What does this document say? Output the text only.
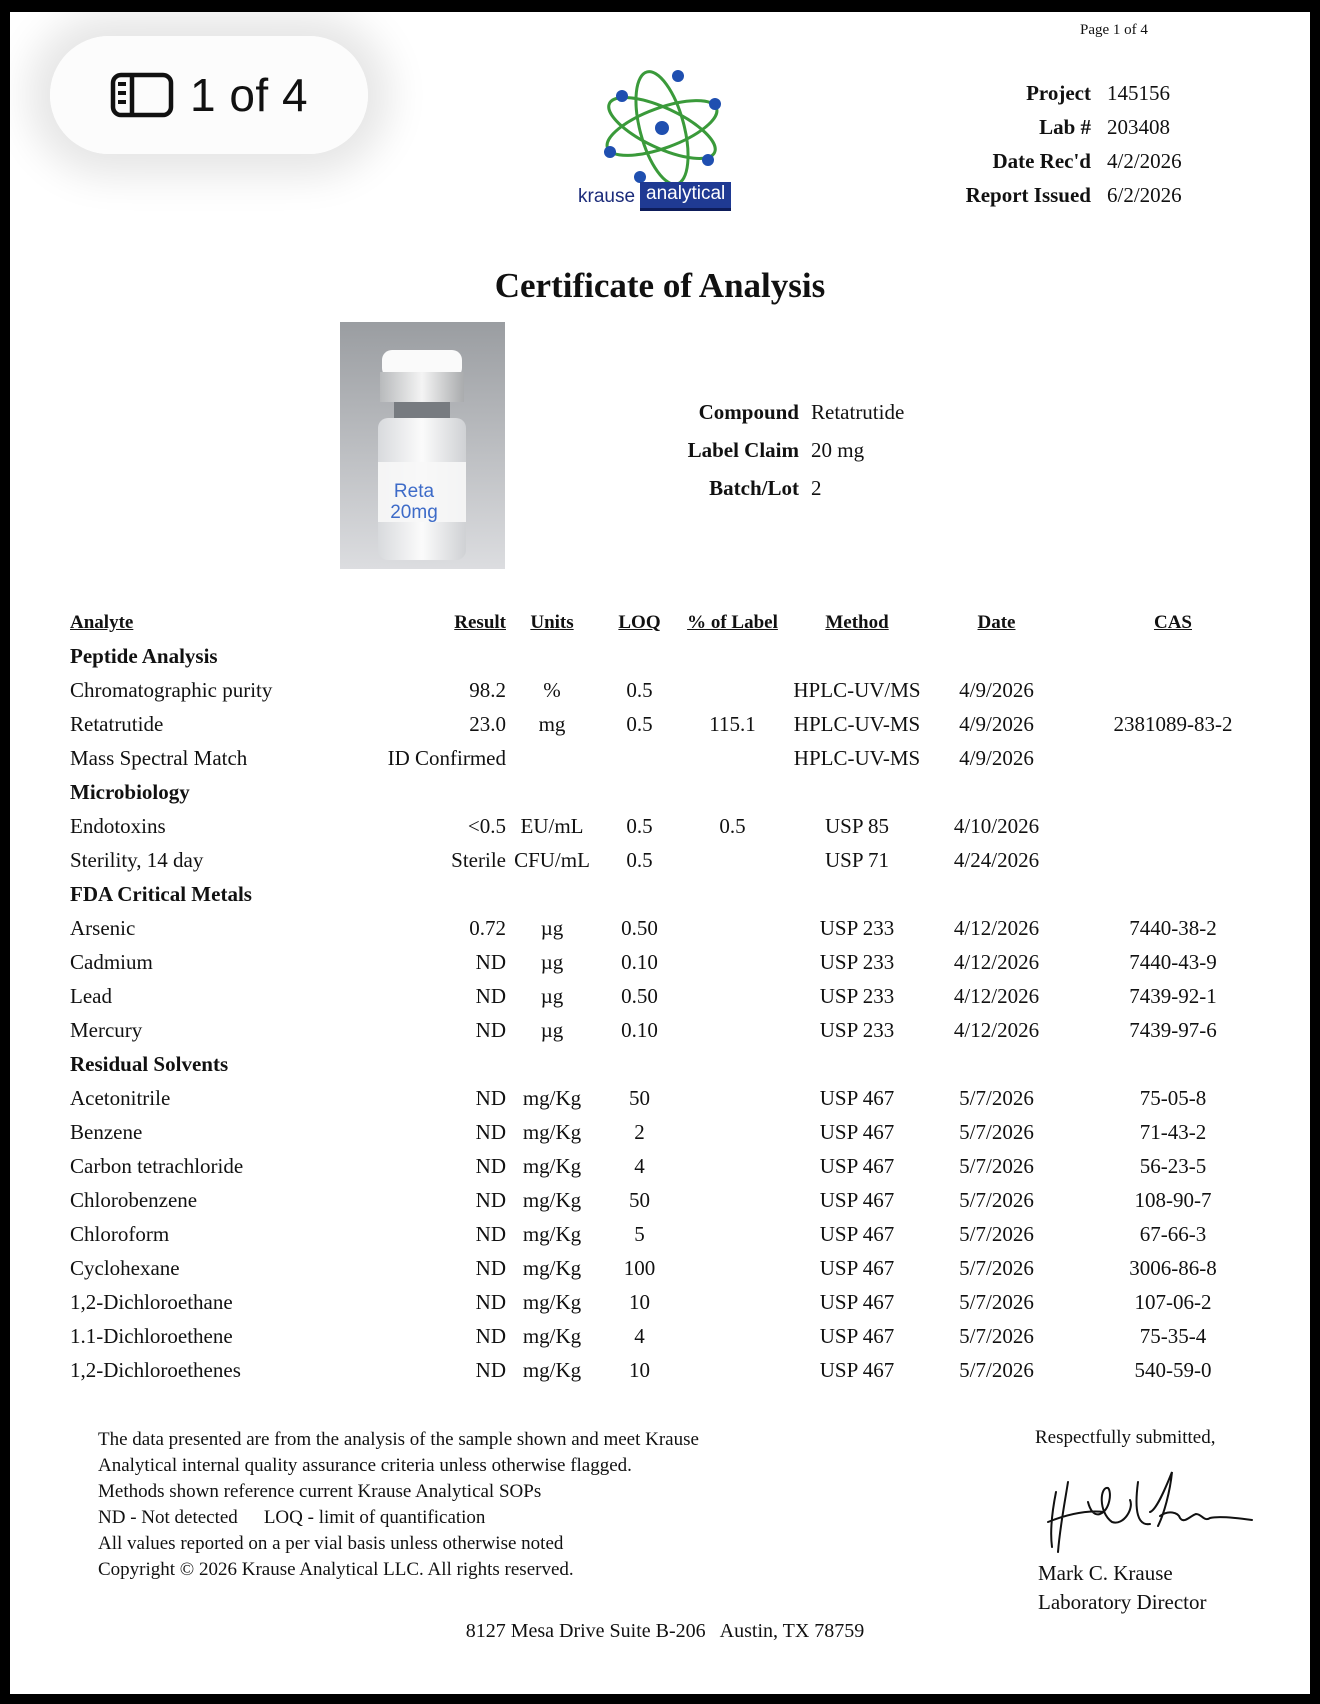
Page 1 of 4
krause analytical
Project 145156
Lab # 203408
Date Rec'd 4/2/2026
Report Issued 6/2/2026
Certificate of Analysis
Reta
20mg
Compound Retatrutide
Label Claim 20 mg
Batch/Lot 2
Analyte	Result	Units	LOQ	% of Label	Method	Date	CAS
Peptide Analysis							
Chromatographic purity	98.2	%	0.5		HPLC-UV/MS	4/9/2026	
Retatrutide	23.0	mg	0.5	115.1	HPLC-UV-MS	4/9/2026	2381089-83-2
Mass Spectral Match	ID Confirmed				HPLC-UV-MS	4/9/2026	
Microbiology							
Endotoxins	<0.5	EU/mL	0.5	0.5	USP 85	4/10/2026	
Sterility, 14 day	Sterile	CFU/mL	0.5		USP 71	4/24/2026	
FDA Critical Metals							
Arsenic	0.72	µg	0.50		USP 233	4/12/2026	7440-38-2
Cadmium	ND	µg	0.10		USP 233	4/12/2026	7440-43-9
Lead	ND	µg	0.50		USP 233	4/12/2026	7439-92-1
Mercury	ND	µg	0.10		USP 233	4/12/2026	7439-97-6
Residual Solvents							
Acetonitrile	ND	mg/Kg	50		USP 467	5/7/2026	75-05-8
Benzene	ND	mg/Kg	2		USP 467	5/7/2026	71-43-2
Carbon tetrachloride	ND	mg/Kg	4		USP 467	5/7/2026	56-23-5
Chlorobenzene	ND	mg/Kg	50		USP 467	5/7/2026	108-90-7
Chloroform	ND	mg/Kg	5		USP 467	5/7/2026	67-66-3
Cyclohexane	ND	mg/Kg	100		USP 467	5/7/2026	3006-86-8
1,2-Dichloroethane	ND	mg/Kg	10		USP 467	5/7/2026	107-06-2
1.1-Dichloroethene	ND	mg/Kg	4		USP 467	5/7/2026	75-35-4
1,2-Dichloroethenes	ND	mg/Kg	10		USP 467	5/7/2026	540-59-0
The data presented are from the analysis of the sample shown and meet Krause
Analytical internal quality assurance criteria unless otherwise flagged.
Methods shown reference current Krause Analytical SOPs
ND - Not detected LOQ - limit of quantification
All values reported on a per vial basis unless otherwise noted
Copyright © 2026 Krause Analytical LLC. All rights reserved.
Respectfully submitted,
Mark C. Krause
Laboratory Director
8127 Mesa Drive Suite B-206 Austin, TX 78759
1 of 4
